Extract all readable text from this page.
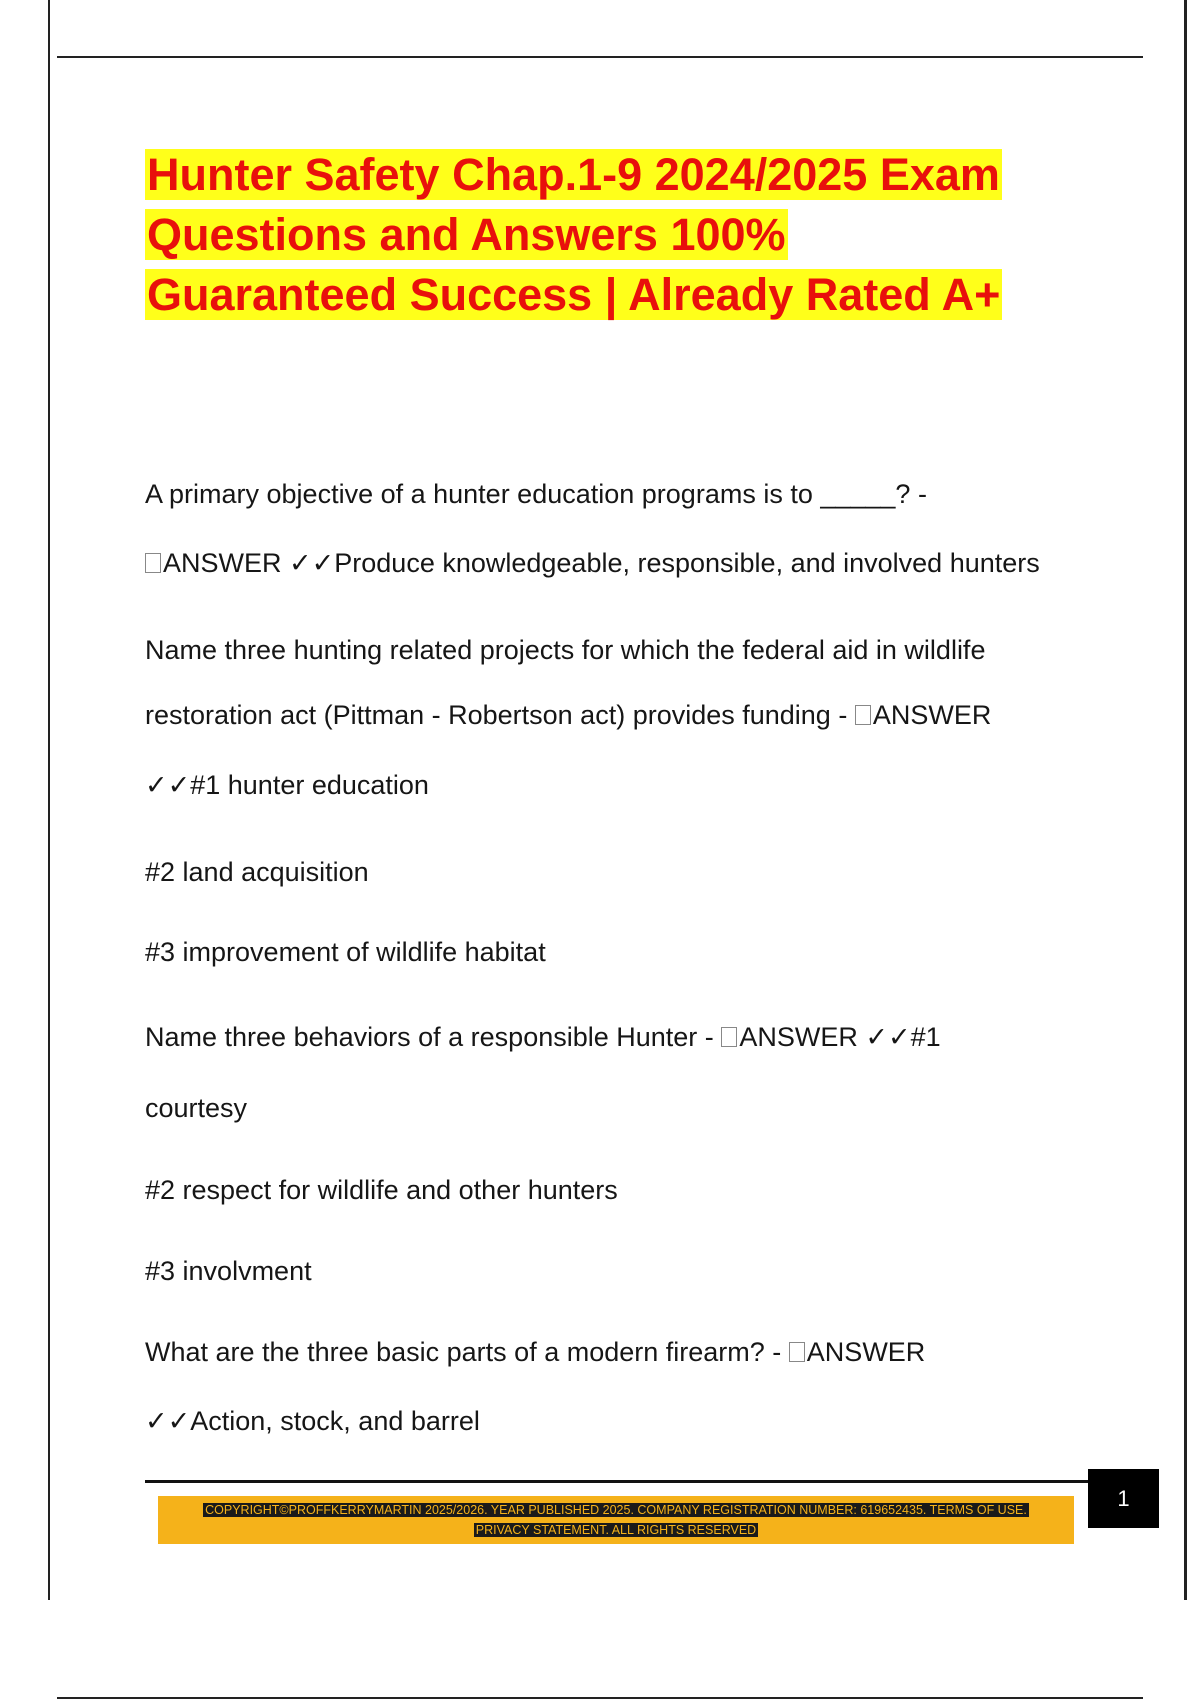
Hunter Safety Chap.1-9 2024/2025 Exam
Questions and Answers 100%
Guaranteed Success | Already Rated A+
A primary objective of a hunter education programs is to _____? -
ANSWER ✓✓Produce knowledgeable, responsible, and involved hunters
Name three hunting related projects for which the federal aid in wildlife
restoration act (Pittman - Robertson act) provides funding - ANSWER
✓✓#1 hunter education
#2 land acquisition
#3 improvement of wildlife habitat
Name three behaviors of a responsible Hunter - ANSWER ✓✓#1
courtesy
#2 respect for wildlife and other hunters
#3 involvment
What are the three basic parts of a modern firearm? - ANSWER
✓✓Action, stock, and barrel
COPYRIGHT©PROFFKERRYMARTIN 2025/2026. YEAR PUBLISHED 2025. COMPANY REGISTRATION NUMBER: 619652435. TERMS OF USE.
PRIVACY STATEMENT. ALL RIGHTS RESERVED
1
